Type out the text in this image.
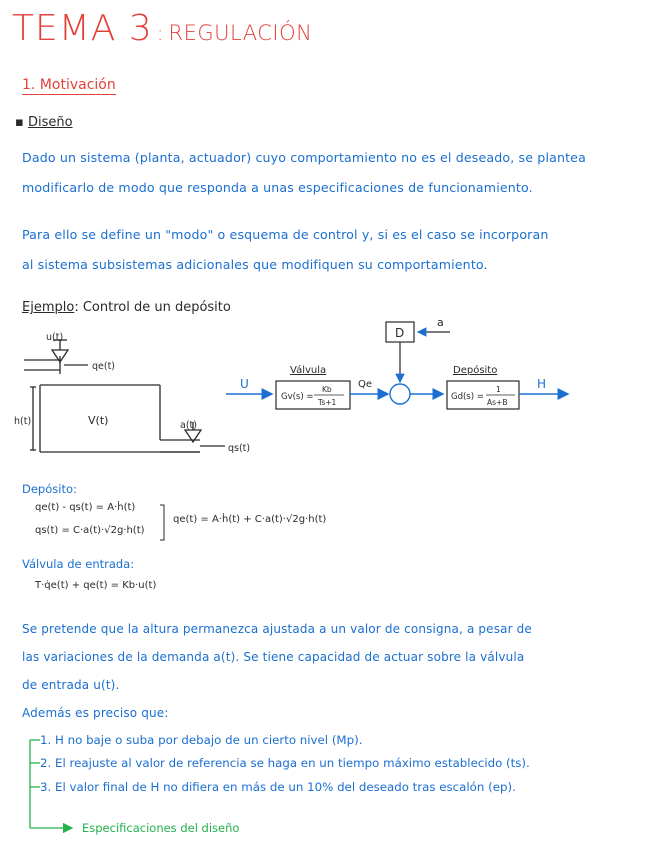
TEMA 3 : REGULACIÓN
1. Motivación
▪ Diseño
Dado un sistema (planta, actuador) cuyo comportamiento no es el deseado, se plantea
modificarlo de modo que responda a unas especificaciones de funcionamiento.
Para ello se define un "modo" o esquema de control y, si es el caso se incorporan
al sistema subsistemas adicionales que modifiquen su comportamiento.
Ejemplo: Control de un depósito
u(t)
qe(t)
h(t)	V(t)	a(t)
qs(t)
U
Válvula
Gv(s) =
Kb
Ts+1
Qe
D
a
Depósito
Gd(s) =
1
As+B
H
Depósito:
qe(t) - qs(t) = A·ḣ(t)
qs(t) = C·a(t)·√2g·h(t)
qe(t) = A·ḣ(t) + C·a(t)·√2g·h(t)
Válvula de entrada:
T·q̇e(t) + qe(t) = Kb·u(t)
Se pretende que la altura permanezca ajustada a un valor de consigna, a pesar de
las variaciones de la demanda a(t). Se tiene capacidad de actuar sobre la válvula
de entrada u(t).
Además es preciso que:
1. H no baje o suba por debajo de un cierto nivel (Mp).
2. El reajuste al valor de referencia se haga en un tiempo máximo establecido (ts).
3. El valor final de H no difiera en más de un 10% del deseado tras escalón (ep).
Especificaciones del diseño
